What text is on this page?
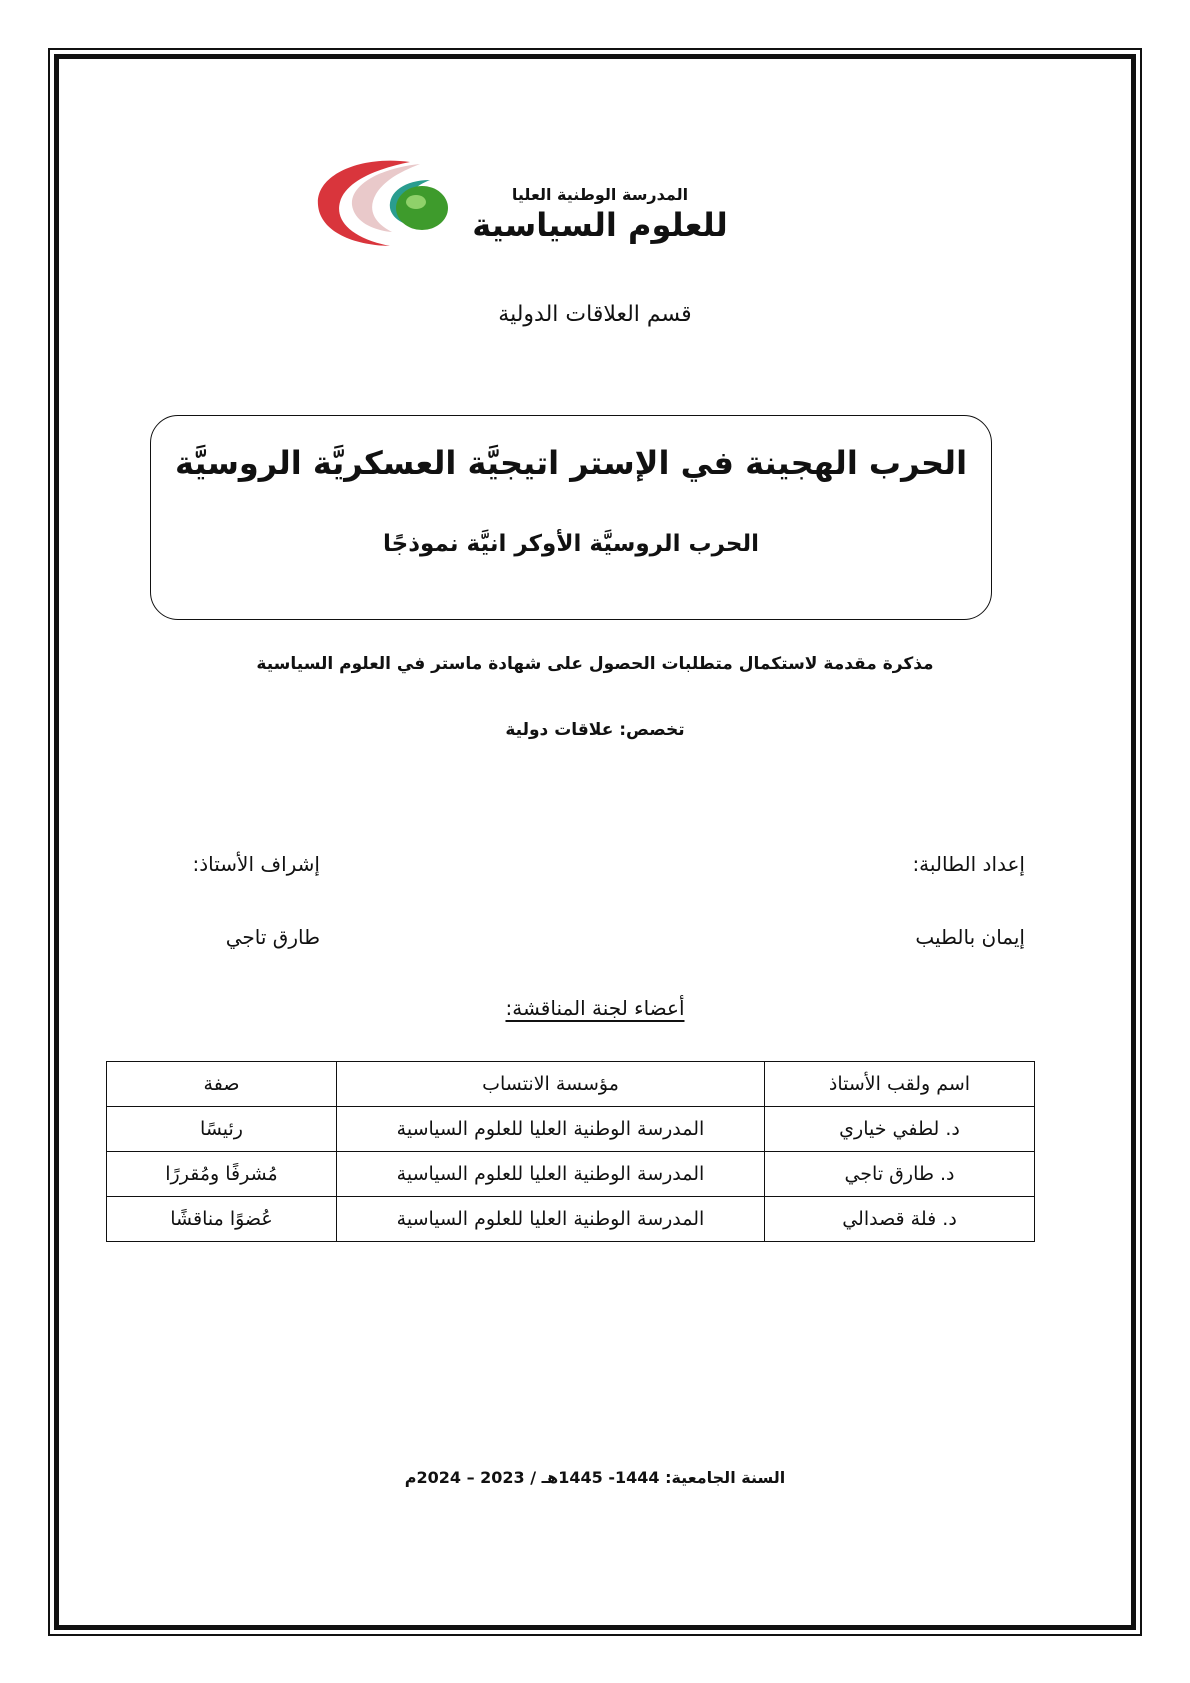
المدرسة الوطنية العليا
للعلوم السياسية
قسم العلاقات الدولية
الحرب الهجينة في الإستر اتيجيَّة العسكريَّة الروسيَّة
الحرب الروسيَّة الأوكر انيَّة نموذجًا
مذكرة مقدمة لاستكمال متطلبات الحصول على شهادة ماستر في العلوم السياسية
تخصص: علاقات دولية
إعداد الطالبة:
إيمان بالطيب
إشراف الأستاذ:
طارق تاجي
أعضاء لجنة المناقشة:
اسم ولقب الأستاذ	مؤسسة الانتساب	صفة
د. لطفي خياري	المدرسة الوطنية العليا للعلوم السياسية	رئيسًا
د. طارق تاجي	المدرسة الوطنية العليا للعلوم السياسية	مُشرفًا ومُقررًا
د. فلة قصدالي	المدرسة الوطنية العليا للعلوم السياسية	عُضوًا مناقشًا
السنة الجامعية: 1444- 1445هـ / 2023 – 2024م
